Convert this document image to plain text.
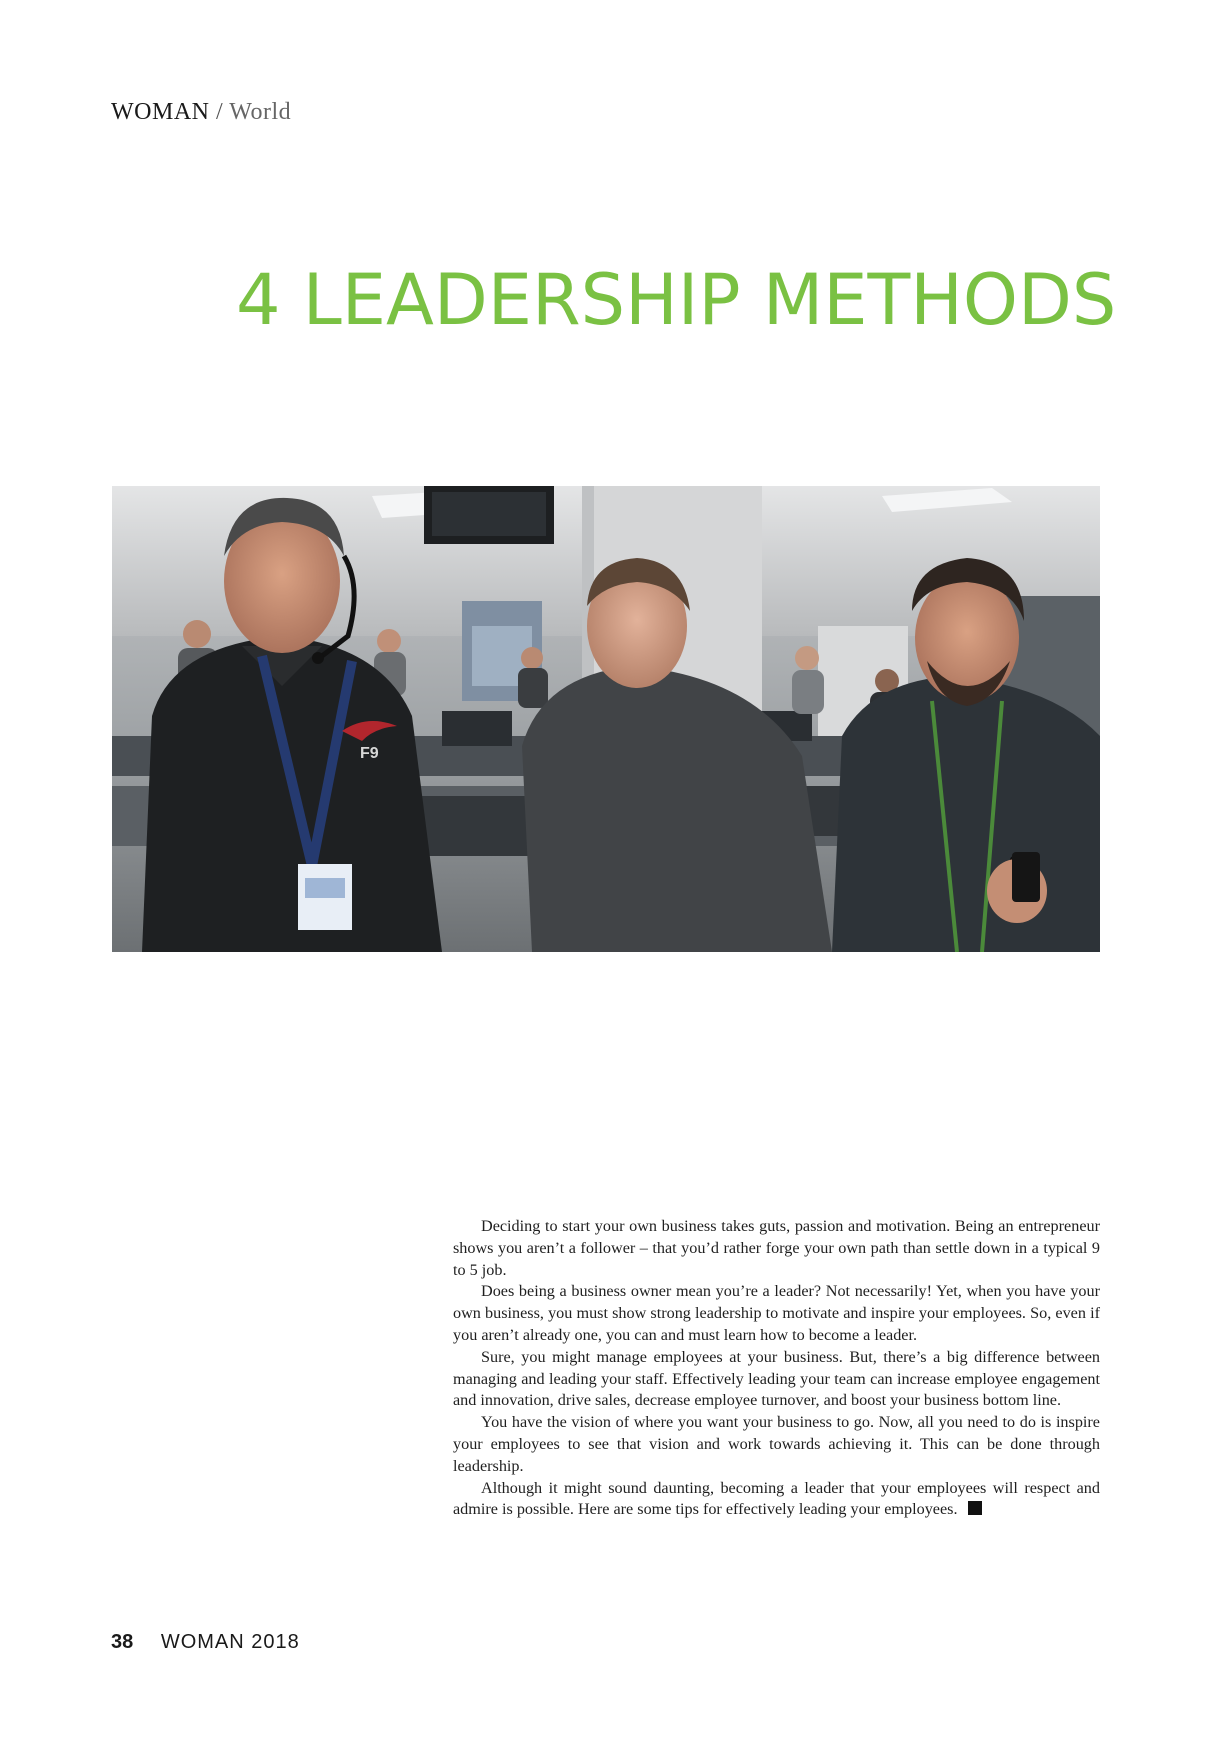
WOMAN / World
4 LEADERSHIP METHODS
F9

Deciding to start your own business takes guts, passion and motivation. Being an entrepreneur shows you aren’t a follower – that you’d rather forge your own path than settle down in a typical 9 to 5 job.

Does being a business owner mean you’re a leader? Not necessarily! Yet, when you have your own business, you must show strong leadership to motivate and inspire your employees. So, even if you aren’t already one, you can and must learn how to become a leader.

Sure, you might manage employees at your business. But, there’s a big difference between managing and leading your staff. Effectively leading your team can increase employee engagement and innovation, drive sales, decrease employee turnover, and boost your business bottom line.

You have the vision of where you want your business to go. Now, all you need to do is inspire your employees to see that vision and work towards achieving it. This can be done through leadership.

Although it might sound daunting, becoming a leader that your employees will respect and admire is possible. Here are some tips for effectively leading your employees.

38 WOMAN 2018
